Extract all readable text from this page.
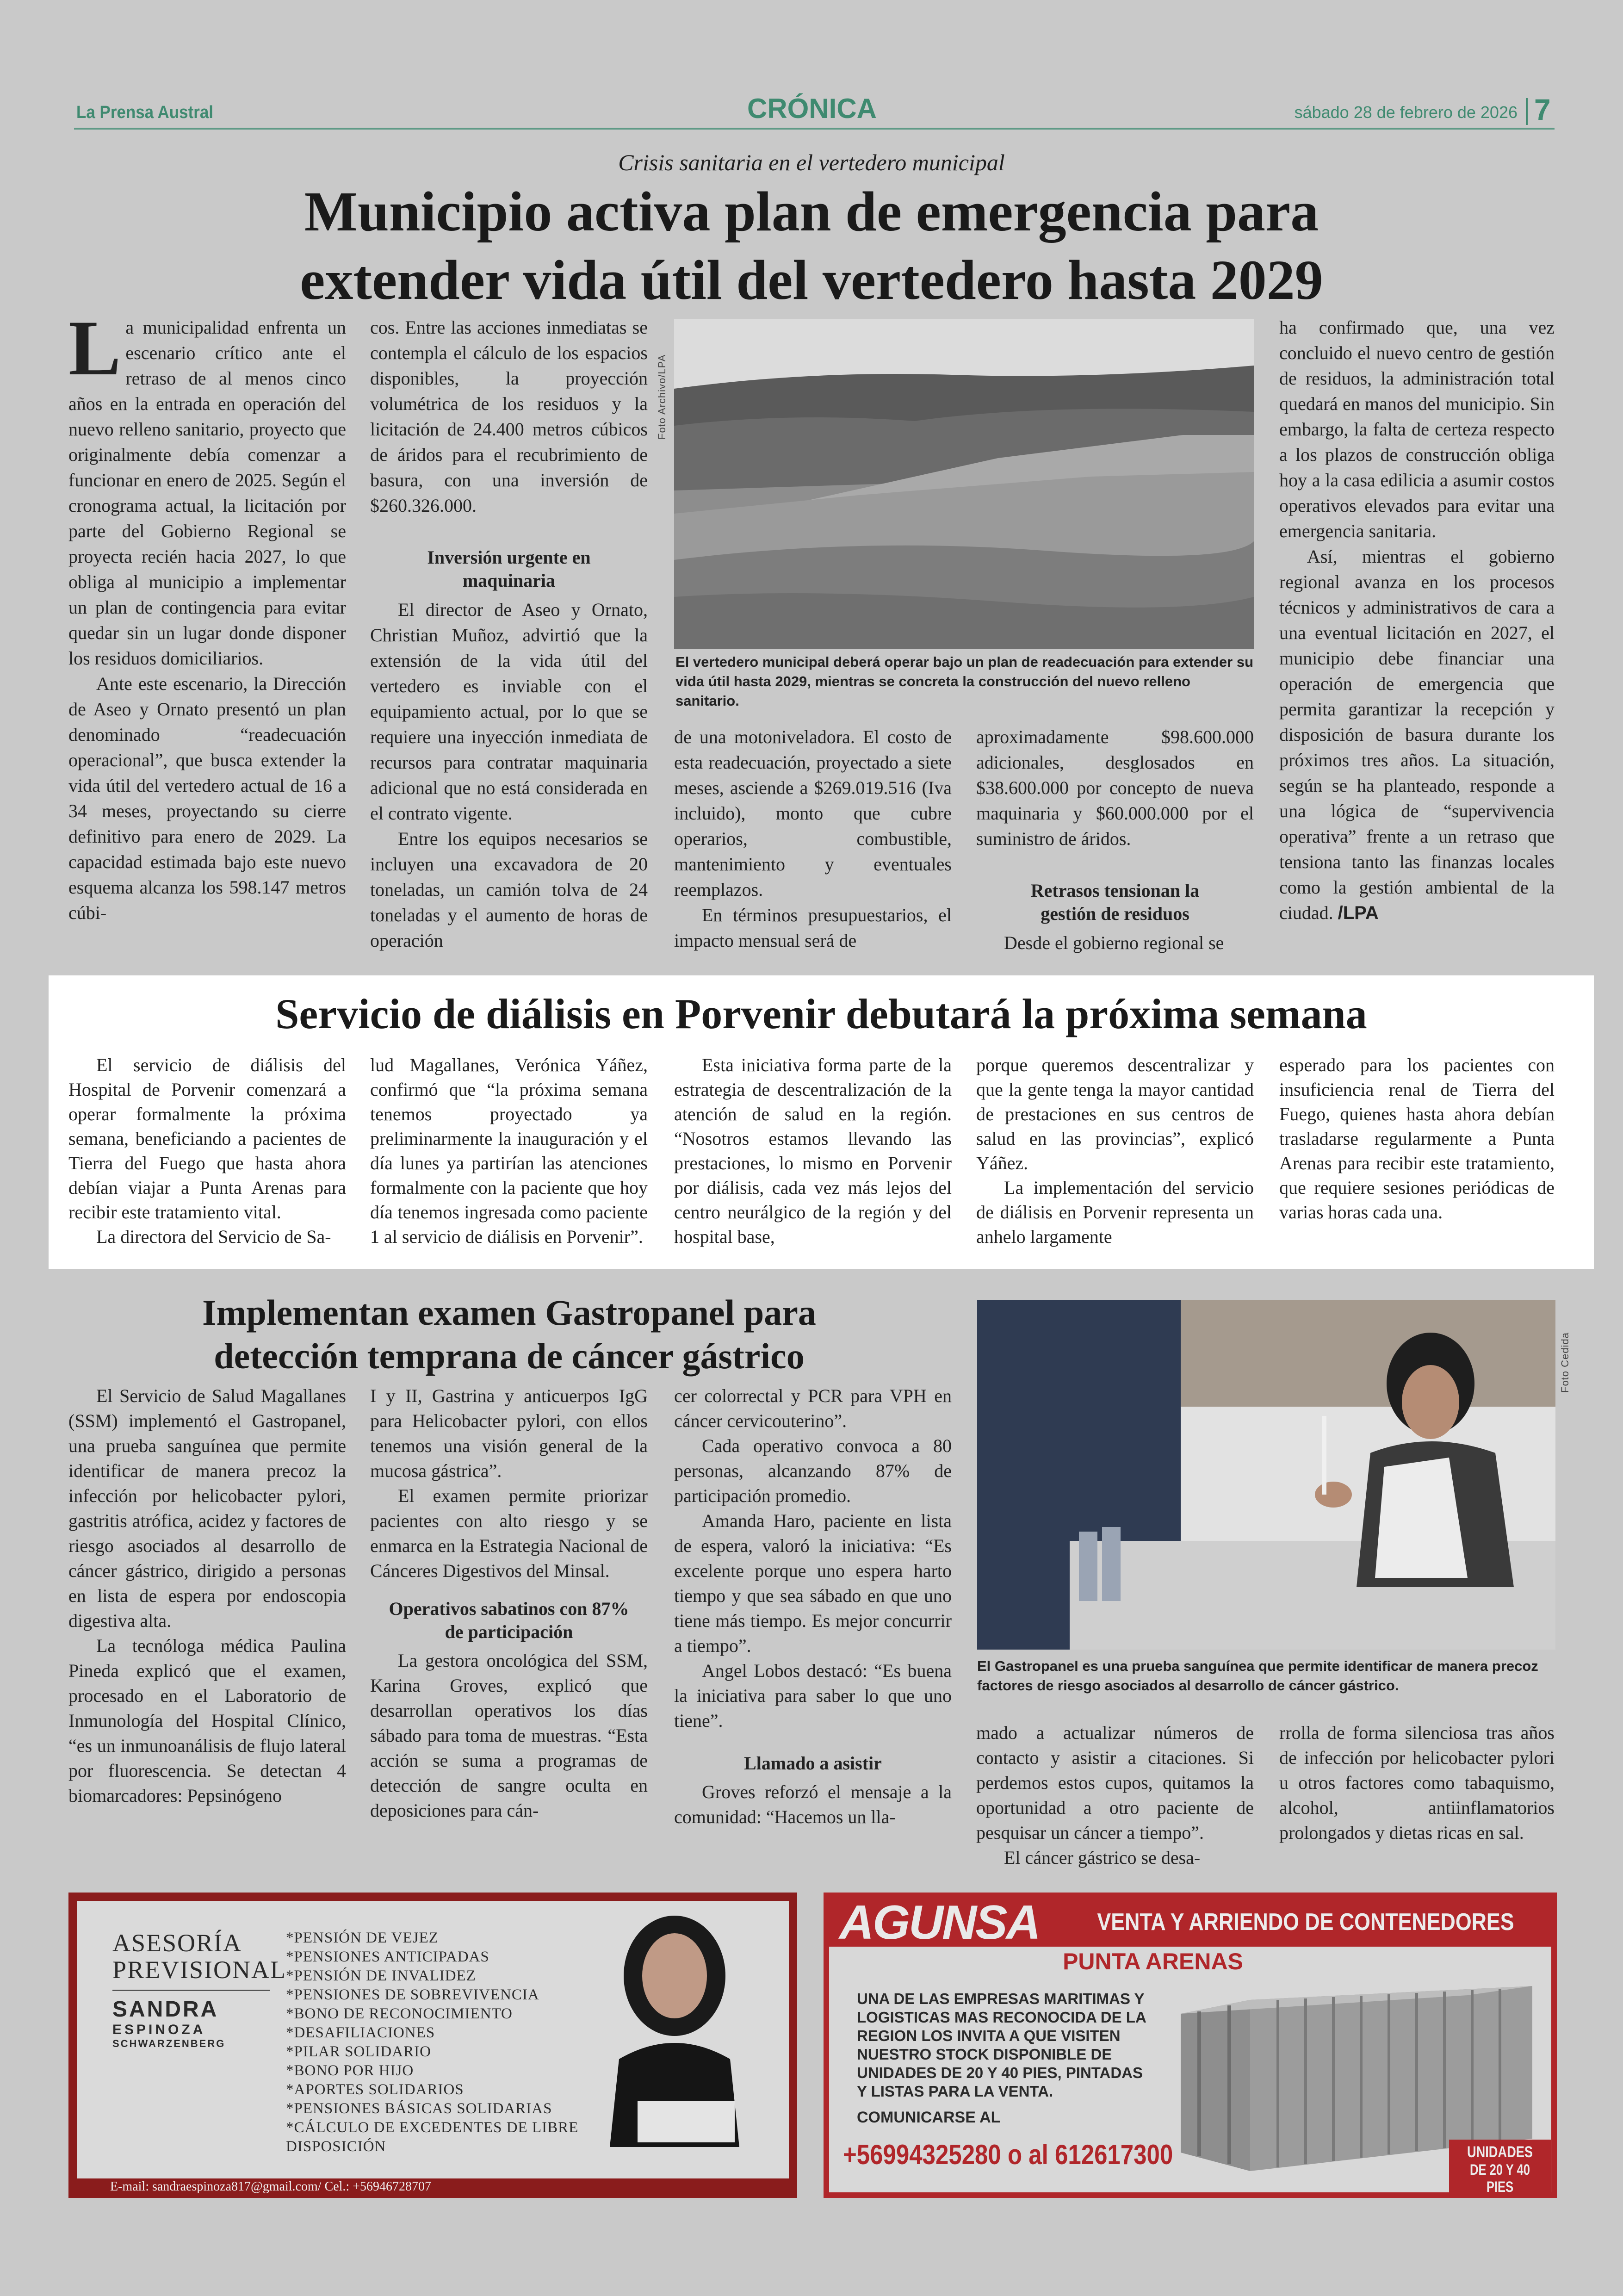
La Prensa Austral	CRÓNICA	sábado 28 de febrero de 2026 7
Crisis sanitaria en el vertedero municipal
Municipio activa plan de emergencia para
extender vida útil del vertedero hasta 2029

La municipalidad enfrenta un escenario crítico ante el retraso de al menos cinco años en la entrada en operación del nuevo relleno sanitario, proyecto que originalmente debía comenzar a funcionar en enero de 2025. Según el cronograma actual, la licitación por parte del Gobierno Regional se proyecta recién hacia 2027, lo que obliga al municipio a implementar un plan de contingencia para evitar quedar sin un lugar donde disponer los residuos domiciliarios.

Ante este escenario, la Dirección de Aseo y Ornato presentó un plan denominado “readecuación operacional”, que busca extender la vida útil del vertedero actual de 16 a 34 meses, proyectando su cierre definitivo para enero de 2029. La capacidad estimada bajo este nuevo esquema alcanza los 598.147 metros cúbi-

cos. Entre las acciones inmediatas se contempla el cálculo de los espacios disponibles, la proyección volumétrica de los residuos y la licitación de 24.400 metros cúbicos de áridos para el recubrimiento de basura, con una inversión de $260.326.000.

Inversión urgente en maquinaria

El director de Aseo y Ornato, Christian Muñoz, advirtió que la extensión de la vida útil del vertedero es inviable con el equipamiento actual, por lo que se requiere una inyección inmediata de recursos para contratar maquinaria adicional que no está considerada en el contrato vigente.

Entre los equipos necesarios se incluyen una excavadora de 20 toneladas, un camión tolva de 24 toneladas y el aumento de horas de operación

Foto Archivo/LPA
El vertedero municipal deberá operar bajo un plan de readecuación para extender su vida útil hasta 2029, mientras se concreta la construcción del nuevo relleno sanitario.

de una motoniveladora. El costo de esta readecuación, proyectado a siete meses, asciende a $269.019.516 (Iva incluido), monto que cubre operarios, combustible, mantenimiento y eventuales reemplazos.

En términos presupuestarios, el impacto mensual será de

aproximadamente $98.600.000 adicionales, desglosados en $38.600.000 por concepto de nueva maquinaria y $60.000.000 por el suministro de áridos.

Retrasos tensionan la gestión de residuos

Desde el gobierno regional se

ha confirmado que, una vez concluido el nuevo centro de gestión de residuos, la administración total quedará en manos del municipio. Sin embargo, la falta de certeza respecto a los plazos de construcción obliga hoy a la casa edilicia a asumir costos operativos elevados para evitar una emergencia sanitaria.

Así, mientras el gobierno regional avanza en los procesos técnicos y administrativos de cara a una eventual licitación en 2027, el municipio debe financiar una operación de emergencia que permita garantizar la recepción y disposición de basura durante los próximos tres años. La situación, según se ha planteado, responde a una lógica de “supervivencia operativa” frente a un retraso que tensiona tanto las finanzas locales como la gestión ambiental de la ciudad. /LPA

Servicio de diálisis en Porvenir debutará la próxima semana

El servicio de diálisis del Hospital de Porvenir comenzará a operar formalmente la próxima semana, beneficiando a pacientes de Tierra del Fuego que hasta ahora debían viajar a Punta Arenas para recibir este tratamiento vital.

La directora del Servicio de Sa-

lud Magallanes, Verónica Yáñez, confirmó que “la próxima semana tenemos proyectado ya preliminarmente la inauguración y el día lunes ya partirían las atenciones formalmente con la paciente que hoy día tenemos ingresada como paciente 1 al servicio de diálisis en Porvenir”.

Esta iniciativa forma parte de la estrategia de descentralización de la atención de salud en la región. “Nosotros estamos llevando las prestaciones, lo mismo en Porvenir por diálisis, cada vez más lejos del centro neurálgico de la región y del hospital base,

porque queremos descentralizar y que la gente tenga la mayor cantidad de prestaciones en sus centros de salud en las provincias”, explicó Yáñez.

La implementación del servicio de diálisis en Porvenir representa un anhelo largamente

esperado para los pacientes con insuficiencia renal de Tierra del Fuego, quienes hasta ahora debían trasladarse regularmente a Punta Arenas para recibir este tratamiento, que requiere sesiones periódicas de varias horas cada una.

Implementan examen Gastropanel para
detección temprana de cáncer gástrico

El Servicio de Salud Magallanes (SSM) implementó el Gastropanel, una prueba sanguínea que permite identificar de manera precoz la infección por helicobacter pylori, gastritis atrófica, acidez y factores de riesgo asociados al desarrollo de cáncer gástrico, dirigido a personas en lista de espera por endoscopia digestiva alta.

La tecnóloga médica Paulina Pineda explicó que el examen, procesado en el Laboratorio de Inmunología del Hospital Clínico, “es un inmunoanálisis de flujo lateral por fluorescencia. Se detectan 4 biomarcadores: Pepsinógeno

I y II, Gastrina y anticuerpos IgG para Helicobacter pylori, con ellos tenemos una visión general de la mucosa gástrica”.

El examen permite priorizar pacientes con alto riesgo y se enmarca en la Estrategia Nacional de Cánceres Digestivos del Minsal.

Operativos sabatinos con 87% de participación

La gestora oncológica del SSM, Karina Groves, explicó que desarrollan operativos los días sábado para toma de muestras. “Esta acción se suma a programas de detección de sangre oculta en deposiciones para cán-

cer colorrectal y PCR para VPH en cáncer cervicouterino”.

Cada operativo convoca a 80 personas, alcanzando 87% de participación promedio.

Amanda Haro, paciente en lista de espera, valoró la iniciativa: “Es excelente porque uno espera harto tiempo y que sea sábado en que uno tiene más tiempo. Es mejor concurrir a tiempo”.

Angel Lobos destacó: “Es buena la iniciativa para saber lo que uno tiene”.

Llamado a asistir

Groves reforzó el mensaje a la comunidad: “Hacemos un lla-

Foto Cedida
El Gastropanel es una prueba sanguínea que permite identificar de manera precoz factores de riesgo asociados al desarrollo de cáncer gástrico.

mado a actualizar números de contacto y asistir a citaciones. Si perdemos estos cupos, quitamos la oportunidad a otro paciente de pesquisar un cáncer a tiempo”.

El cáncer gástrico se desa-

rrolla de forma silenciosa tras años de infección por helicobacter pylori u otros factores como tabaquismo, alcohol, antiinflamatorios prolongados y dietas ricas en sal.

ASESORÍA
PREVISIONAL
SANDRA
ESPINOZA
SCHWARZENBERG
* PENSIÓN DE VEJEZ
* PENSIONES ANTICIPADAS
* PENSIÓN DE INVALIDEZ
* PENSIONES DE SOBREVIVENCIA
* BONO DE RECONOCIMIENTO
* DESAFILIACIONES
* PILAR SOLIDARIO
* BONO POR HIJO
* APORTES SOLIDARIOS
* PENSIONES BÁSICAS SOLIDARIAS
* CÁLCULO DE EXCEDENTES DE LIBRE DISPOSICIÓN
E-mail: sandraespinoza817@gmail.com/ Cel.: +56946728707
AGUNSA VENTA Y ARRIENDO DE CONTENEDORES
PUNTA ARENAS
UNA DE LAS EMPRESAS MARITIMAS Y LOGISTICAS MAS RECONOCIDA DE LA REGION LOS INVITA A QUE VISITEN NUESTRO STOCK DISPONIBLE DE UNIDADES DE 20 Y 40 PIES, PINTADAS Y LISTAS PARA LA VENTA.
COMUNICARSE AL
+56994325280 o al 612617300	UNIDADES
DE 20 Y 40 PIES
